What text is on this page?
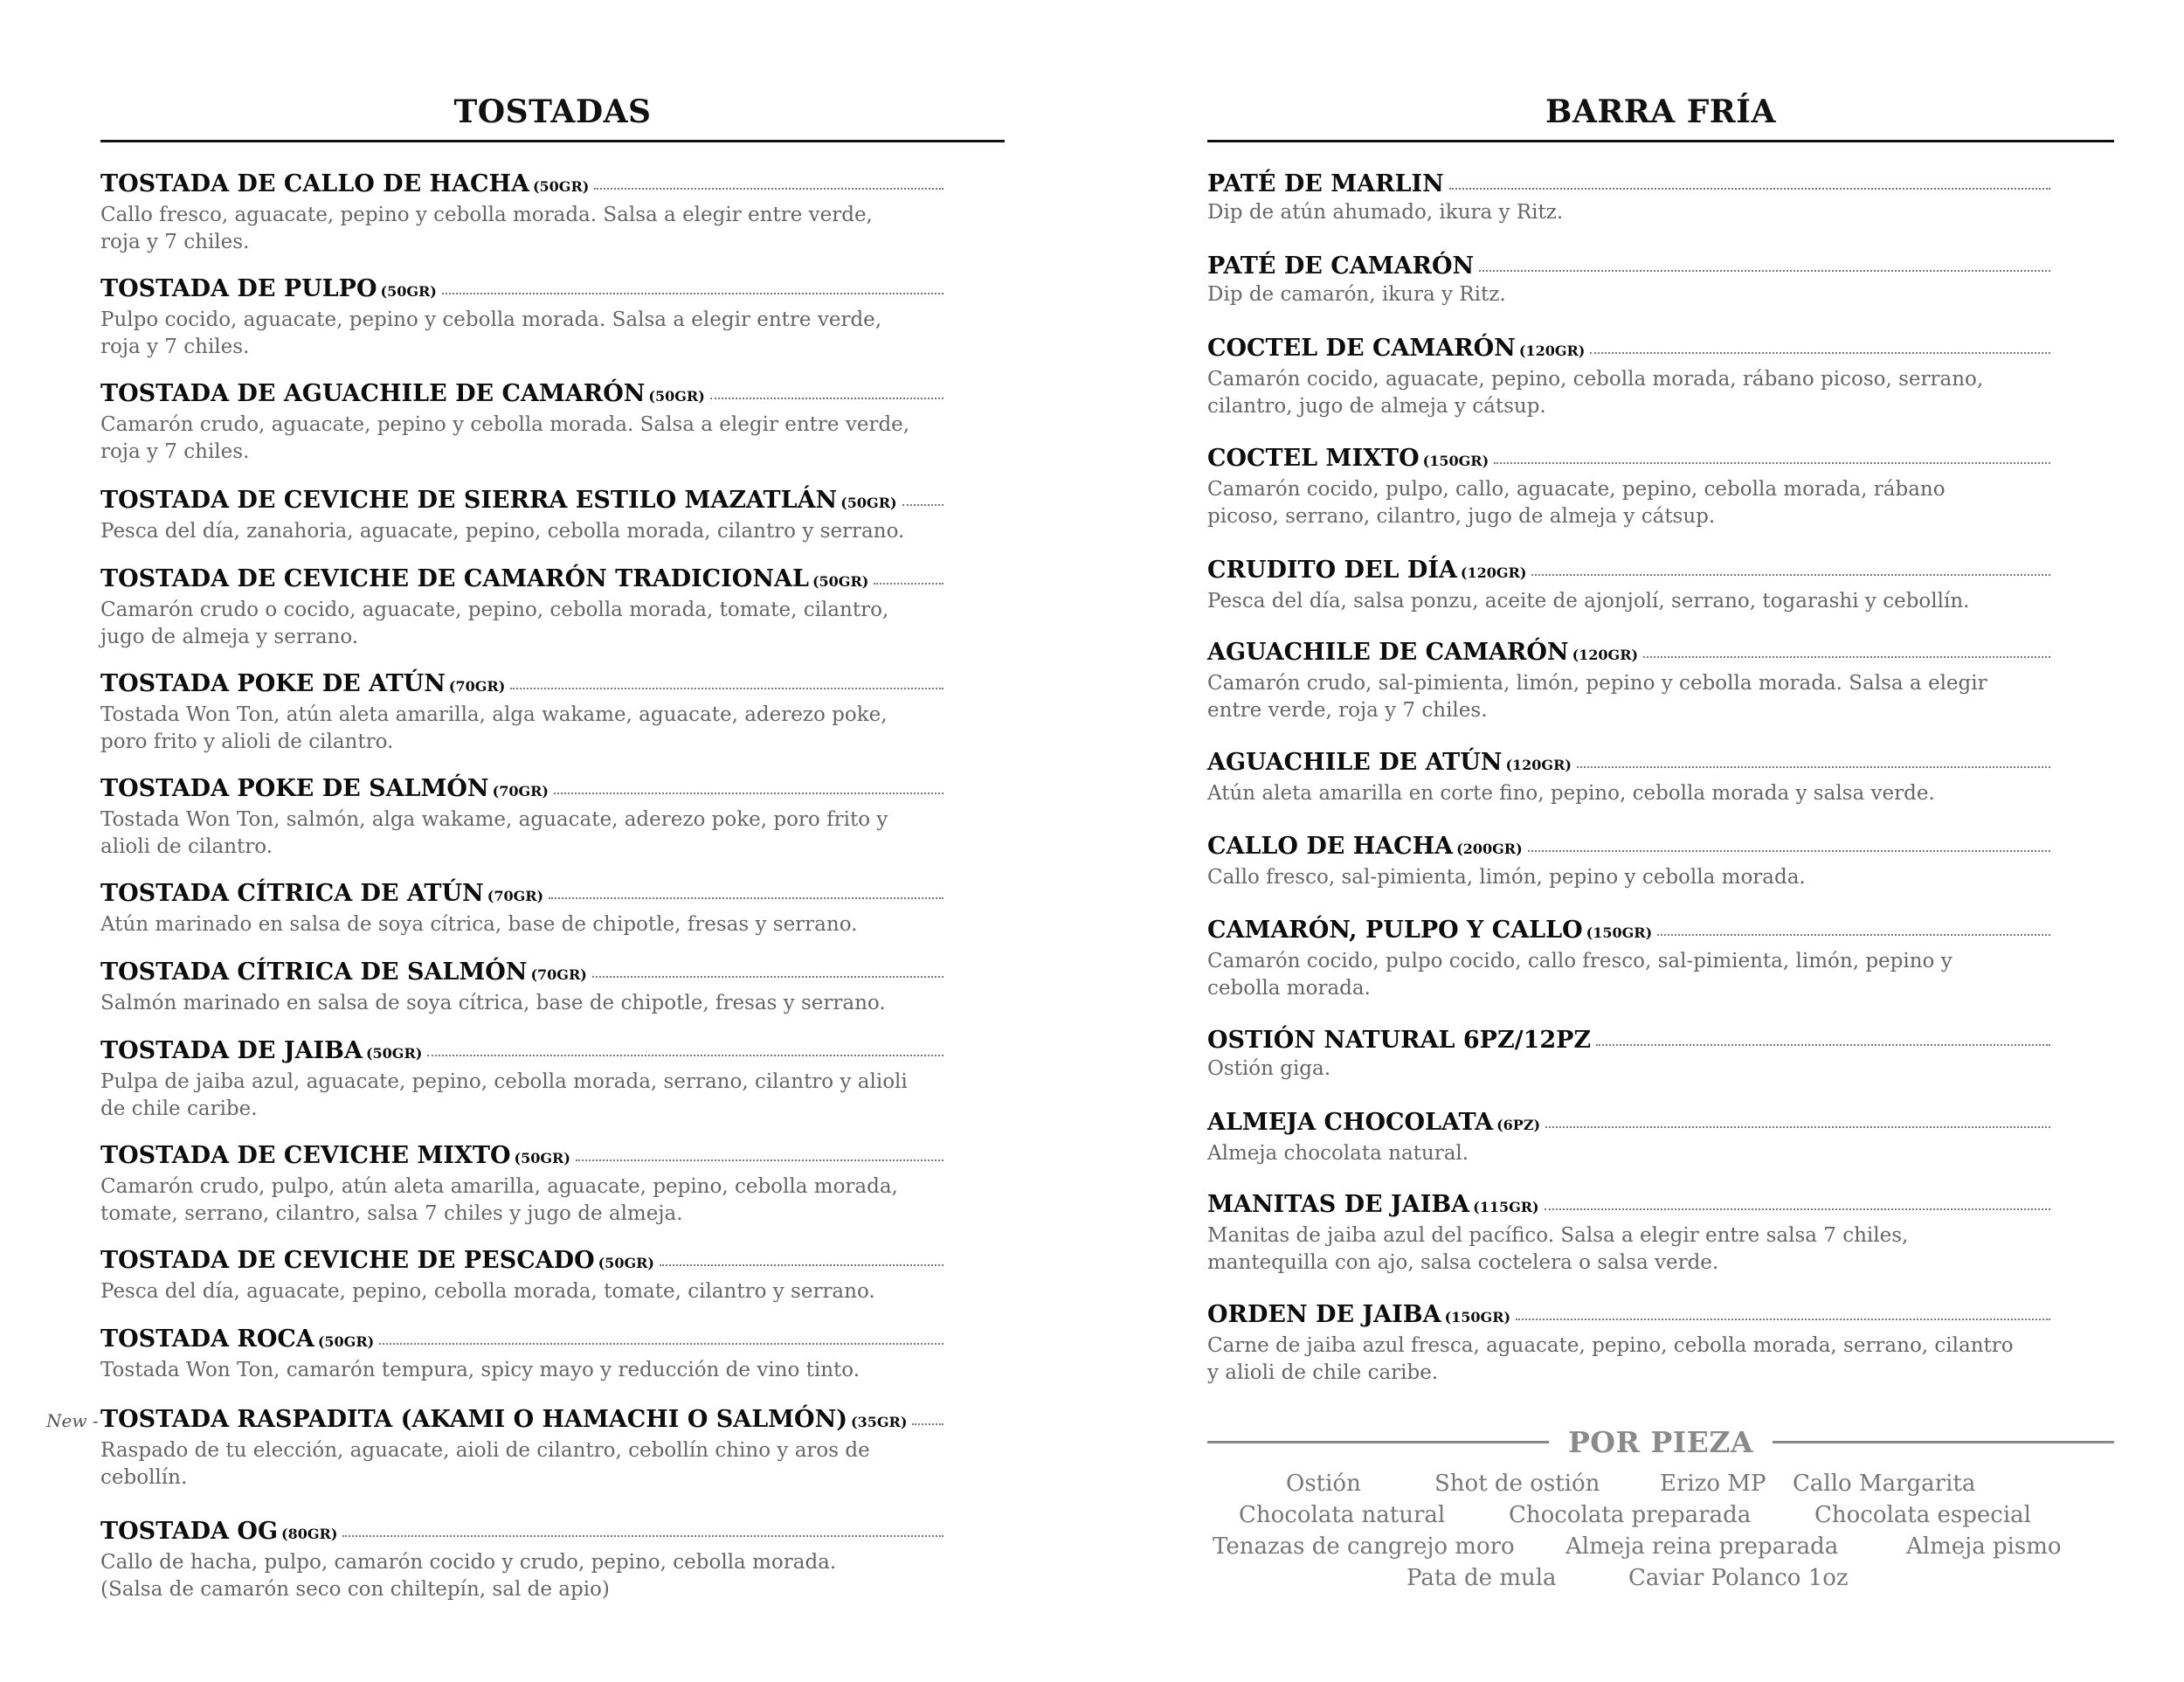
TOSTADAS
TOSTADA DE CALLO DE HACHA (50GR)
Callo fresco, aguacate, pepino y cebolla morada. Salsa a elegir entre verde,
roja y 7 chiles.
TOSTADA DE PULPO (50GR)
Pulpo cocido, aguacate, pepino y cebolla morada. Salsa a elegir entre verde,
roja y 7 chiles.
TOSTADA DE AGUACHILE DE CAMARÓN (50GR)
Camarón crudo, aguacate, pepino y cebolla morada. Salsa a elegir entre verde,
roja y 7 chiles.
TOSTADA DE CEVICHE DE SIERRA ESTILO MAZATLÁN (50GR)
Pesca del día, zanahoria, aguacate, pepino, cebolla morada, cilantro y serrano.
TOSTADA DE CEVICHE DE CAMARÓN TRADICIONAL (50GR)
Camarón crudo o cocido, aguacate, pepino, cebolla morada, tomate, cilantro,
jugo de almeja y serrano.
TOSTADA POKE DE ATÚN (70GR)
Tostada Won Ton, atún aleta amarilla, alga wakame, aguacate, aderezo poke,
poro frito y alioli de cilantro.
TOSTADA POKE DE SALMÓN (70GR)
Tostada Won Ton, salmón, alga wakame, aguacate, aderezo poke, poro frito y
alioli de cilantro.
TOSTADA CÍTRICA DE ATÚN (70GR)
Atún marinado en salsa de soya cítrica, base de chipotle, fresas y serrano.
TOSTADA CÍTRICA DE SALMÓN (70GR)
Salmón marinado en salsa de soya cítrica, base de chipotle, fresas y serrano.
TOSTADA DE JAIBA (50GR)
Pulpa de jaiba azul, aguacate, pepino, cebolla morada, serrano, cilantro y alioli
de chile caribe.
TOSTADA DE CEVICHE MIXTO (50GR)
Camarón crudo, pulpo, atún aleta amarilla, aguacate, pepino, cebolla morada,
tomate, serrano, cilantro, salsa 7 chiles y jugo de almeja.
TOSTADA DE CEVICHE DE PESCADO (50GR)
Pesca del día, aguacate, pepino, cebolla morada, tomate, cilantro y serrano.
TOSTADA ROCA (50GR)
Tostada Won Ton, camarón tempura, spicy mayo y reducción de vino tinto.
New - TOSTADA RASPADITA (AKAMI O HAMACHI O SALMÓN) (35GR)
Raspado de tu elección, aguacate, aioli de cilantro, cebollín chino y aros de
cebollín.
TOSTADA OG (80GR)
Callo de hacha, pulpo, camarón cocido y crudo, pepino, cebolla morada.
(Salsa de camarón seco con chiltepín, sal de apio)
BARRA FRÍA
PATÉ DE MARLIN
Dip de atún ahumado, ikura y Ritz.
PATÉ DE CAMARÓN
Dip de camarón, ikura y Ritz.
COCTEL DE CAMARÓN (120GR)
Camarón cocido, aguacate, pepino, cebolla morada, rábano picoso, serrano,
cilantro, jugo de almeja y cátsup.
COCTEL MIXTO (150GR)
Camarón cocido, pulpo, callo, aguacate, pepino, cebolla morada, rábano
picoso, serrano, cilantro, jugo de almeja y cátsup.
CRUDITO DEL DÍA (120GR)
Pesca del día, salsa ponzu, aceite de ajonjolí, serrano, togarashi y cebollín.
AGUACHILE DE CAMARÓN (120GR)
Camarón crudo, sal-pimienta, limón, pepino y cebolla morada. Salsa a elegir
entre verde, roja y 7 chiles.
AGUACHILE DE ATÚN (120GR)
Atún aleta amarilla en corte fino, pepino, cebolla morada y salsa verde.
CALLO DE HACHA (200GR)
Callo fresco, sal-pimienta, limón, pepino y cebolla morada.
CAMARÓN, PULPO Y CALLO (150GR)
Camarón cocido, pulpo cocido, callo fresco, sal-pimienta, limón, pepino y
cebolla morada.
OSTIÓN NATURAL 6PZ/12PZ
Ostión giga.
ALMEJA CHOCOLATA (6PZ)
Almeja chocolata natural.
MANITAS DE JAIBA (115GR)
Manitas de jaiba azul del pacífico. Salsa a elegir entre salsa 7 chiles,
mantequilla con ajo, salsa coctelera o salsa verde.
ORDEN DE JAIBA (150GR)
Carne de jaiba azul fresca, aguacate, pepino, cebolla morada, serrano, cilantro
y alioli de chile caribe.
POR PIEZA
Ostión	Shot de ostión	Erizo MP Callo Margarita
Chocolata natural	Chocolata preparada	Chocolata especial
Tenazas de cangrejo moro Almeja reina preparada	Almeja pismo
Pata de mula	Caviar Polanco 1oz
